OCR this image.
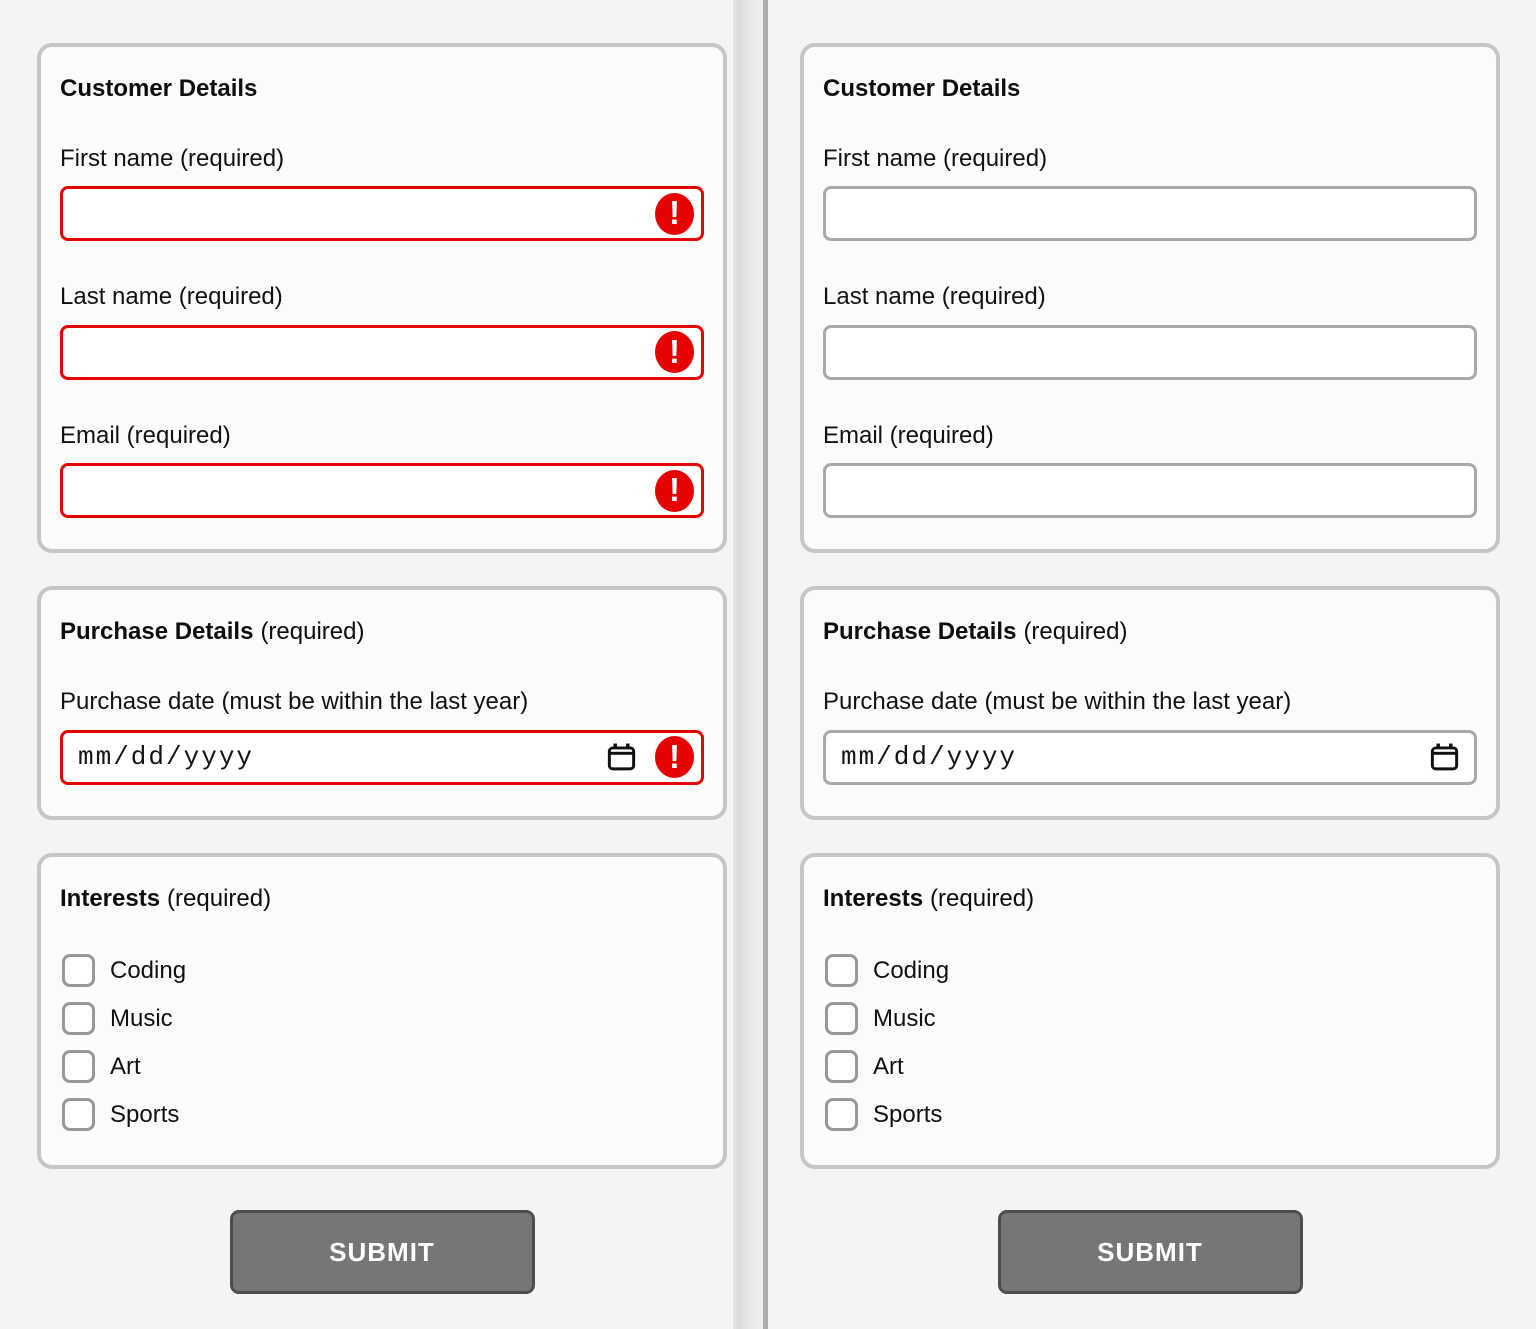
Customer Details
First name (required)
!
Last name (required)
!
Email (required)
!
Purchase Details (required)
Purchase date (must be within the last year)
mm/dd/yyyy	!
Interests (required)
Coding
Music
Art
Sports
SUBMIT
Customer Details
First name (required)
Last name (required)
Email (required)
Purchase Details (required)
Purchase date (must be within the last year)
mm/dd/yyyy
Interests (required)
Coding
Music
Art
Sports
SUBMIT
